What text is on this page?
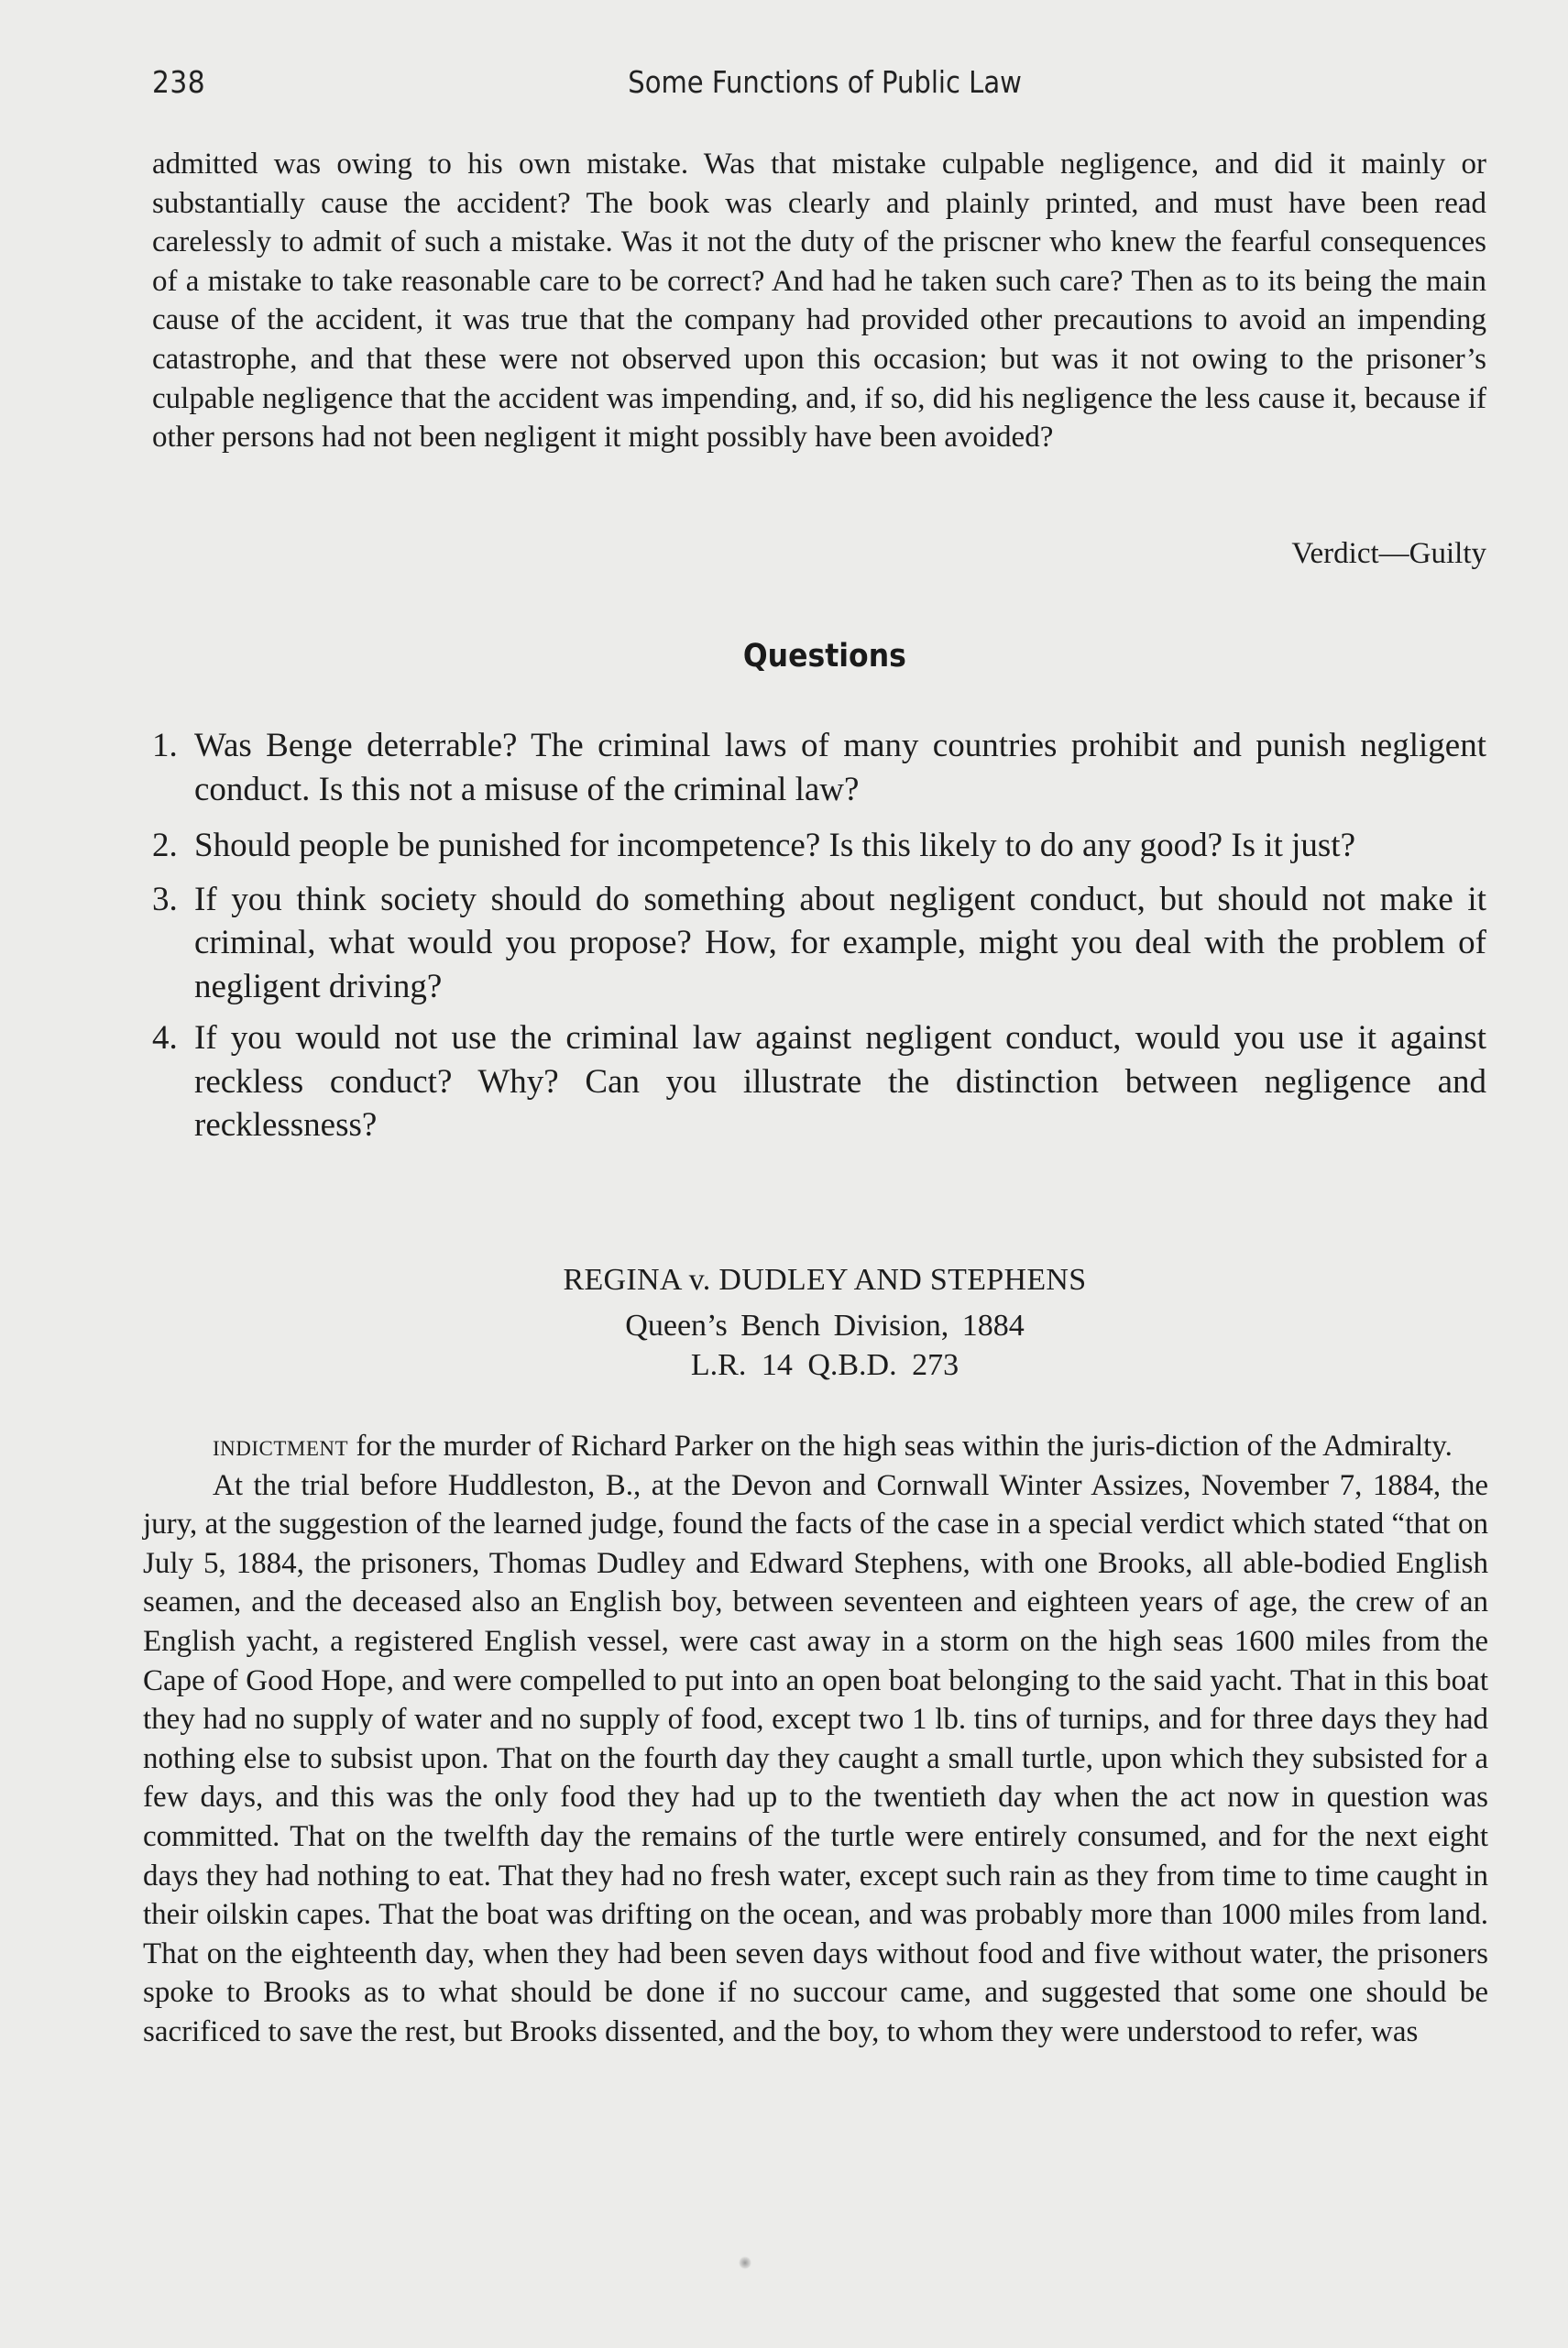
238	Some Functions of Public Law

admitted was owing to his own mistake. Was that mistake culpable negligence, and did it mainly or substantially cause the accident? The book was clearly and plainly printed, and must have been read carelessly to admit of such a mistake. Was it not the duty of the priscner who knew the fearful consequences of a mistake to take reasonable care to be correct? And had he taken such care? Then as to its being the main cause of the accident, it was true that the company had provided other precautions to avoid an impending catastrophe, and that these were not observed upon this occasion; but was it not owing to the prisoner’s culpable negligence that the accident was impending, and, if so, did his negligence the less cause it, because if other persons had not been negligent it might possibly have been avoided?

Verdict—Guilty
Questions
1. Was Benge deterrable? The criminal laws of many countries prohibit and punish negligent conduct. Is this not a misuse of the criminal law?
2. Should people be punished for incompetence? Is this likely to do any good? Is it just?
3. If you think society should do something about negligent conduct, but should not make it criminal, what would you propose? How, for example, might you deal with the problem of negligent driving?
4. If you would not use the criminal law against negligent conduct, would you use it against reckless conduct? Why? Can you illustrate the distinction between negligence and recklessness?
REGINA v. DUDLEY AND STEPHENS
Queen’s Bench Division, 1884
L.R. 14 Q.B.D. 273

indictment for the murder of Richard Parker on the high seas within the juris-diction of the Admiralty.

At the trial before Huddleston, B., at the Devon and Cornwall Winter Assizes, November 7, 1884, the jury, at the suggestion of the learned judge, found the facts of the case in a special verdict which stated “that on July 5, 1884, the prisoners, Thomas Dudley and Edward Stephens, with one Brooks, all able-bodied English seamen, and the deceased also an English boy, between seventeen and eighteen years of age, the crew of an English yacht, a registered English vessel, were cast away in a storm on the high seas 1600 miles from the Cape of Good Hope, and were compelled to put into an open boat belonging to the said yacht. That in this boat they had no supply of water and no supply of food, except two 1 lb. tins of turnips, and for three days they had nothing else to subsist upon. That on the fourth day they caught a small turtle, upon which they subsisted for a few days, and this was the only food they had up to the twentieth day when the act now in question was committed. That on the twelfth day the remains of the turtle were entirely consumed, and for the next eight days they had nothing to eat. That they had no fresh water, except such rain as they from time to time caught in their oilskin capes. That the boat was drifting on the ocean, and was probably more than 1000 miles from land. That on the eighteenth day, when they had been seven days without food and five without water, the prisoners spoke to Brooks as to what should be done if no succour came, and suggested that some one should be sacrificed to save the rest, but Brooks dissented, and the boy, to whom they were understood to refer, was
